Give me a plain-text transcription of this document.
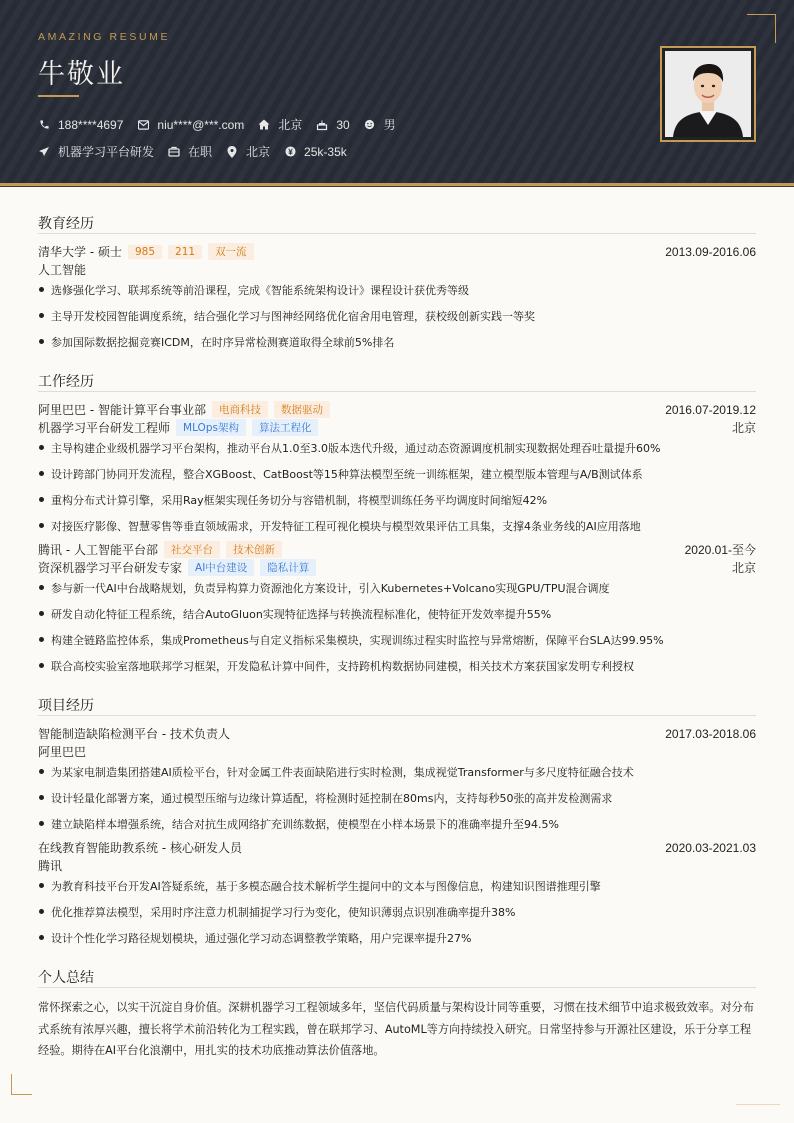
AMAZING RESUME
牛敬业
188****4697	niu****@***.com	北京	30	男
机器学习平台研发	在职	北京	25k-35k
教育经历
清华大学 - 硕士	985	211	双一流	2013.09-2016.06
人工智能
选修强化学习、联邦系统等前沿课程，完成《智能系统架构设计》课程设计获优秀等级
主导开发校园智能调度系统，结合强化学习与图神经网络优化宿舍用电管理，获校级创新实践一等奖
参加国际数据挖掘竞赛ICDM，在时序异常检测赛道取得全球前5%排名
工作经历
阿里巴巴 - 智能计算平台事业部	电商科技	数据驱动	2016.07-2019.12
机器学习平台研发工程师	MLOps架构	算法工程化	北京
主导构建企业级机器学习平台架构，推动平台从1.0至3.0版本迭代升级，通过动态资源调度机制实现数据处理吞吐量提升60%
设计跨部门协同开发流程，整合XGBoost、CatBoost等15种算法模型至统一训练框架，建立模型版本管理与A/B测试体系
重构分布式计算引擎，采用Ray框架实现任务切分与容错机制，将模型训练任务平均调度时间缩短42%
对接医疗影像、智慧零售等垂直领域需求，开发特征工程可视化模块与模型效果评估工具集，支撑4条业务线的AI应用落地
腾讯 - 人工智能平台部	社交平台	技术创新	2020.01-至今
资深机器学习平台研发专家	AI中台建设	隐私计算	北京
参与新一代AI中台战略规划，负责异构算力资源池化方案设计，引入Kubernetes+Volcano实现GPU/TPU混合调度
研发自动化特征工程系统，结合AutoGluon实现特征选择与转换流程标准化，使特征开发效率提升55%
构建全链路监控体系，集成Prometheus与自定义指标采集模块，实现训练过程实时监控与异常熔断，保障平台SLA达99.95%
联合高校实验室落地联邦学习框架，开发隐私计算中间件，支持跨机构数据协同建模，相关技术方案获国家发明专利授权
项目经历
智能制造缺陷检测平台 - 技术负责人	2017.03-2018.06
阿里巴巴
为某家电制造集团搭建AI质检平台，针对金属工件表面缺陷进行实时检测，集成视觉Transformer与多尺度特征融合技术
设计轻量化部署方案，通过模型压缩与边缘计算适配，将检测时延控制在80ms内，支持每秒50张的高并发检测需求
建立缺陷样本增强系统，结合对抗生成网络扩充训练数据，使模型在小样本场景下的准确率提升至94.5%
在线教育智能助教系统 - 核心研发人员	2020.03-2021.03
腾讯
为教育科技平台开发AI答疑系统，基于多模态融合技术解析学生提问中的文本与图像信息，构建知识图谱推理引擎
优化推荐算法模型，采用时序注意力机制捕捉学习行为变化，使知识薄弱点识别准确率提升38%
设计个性化学习路径规划模块，通过强化学习动态调整教学策略，用户完课率提升27%
个人总结
常怀探索之心，以实干沉淀自身价值。深耕机器学习工程领域多年，坚信代码质量与架构设计同等重要，习惯在技术细节中追求极致效率。对分布式系统有浓厚兴趣，擅长将学术前沿转化为工程实践，曾在联邦学习、AutoML等方向持续投入研究。日常坚持参与开源社区建设，乐于分享工程经验。期待在AI平台化浪潮中，用扎实的技术功底推动算法价值落地。
